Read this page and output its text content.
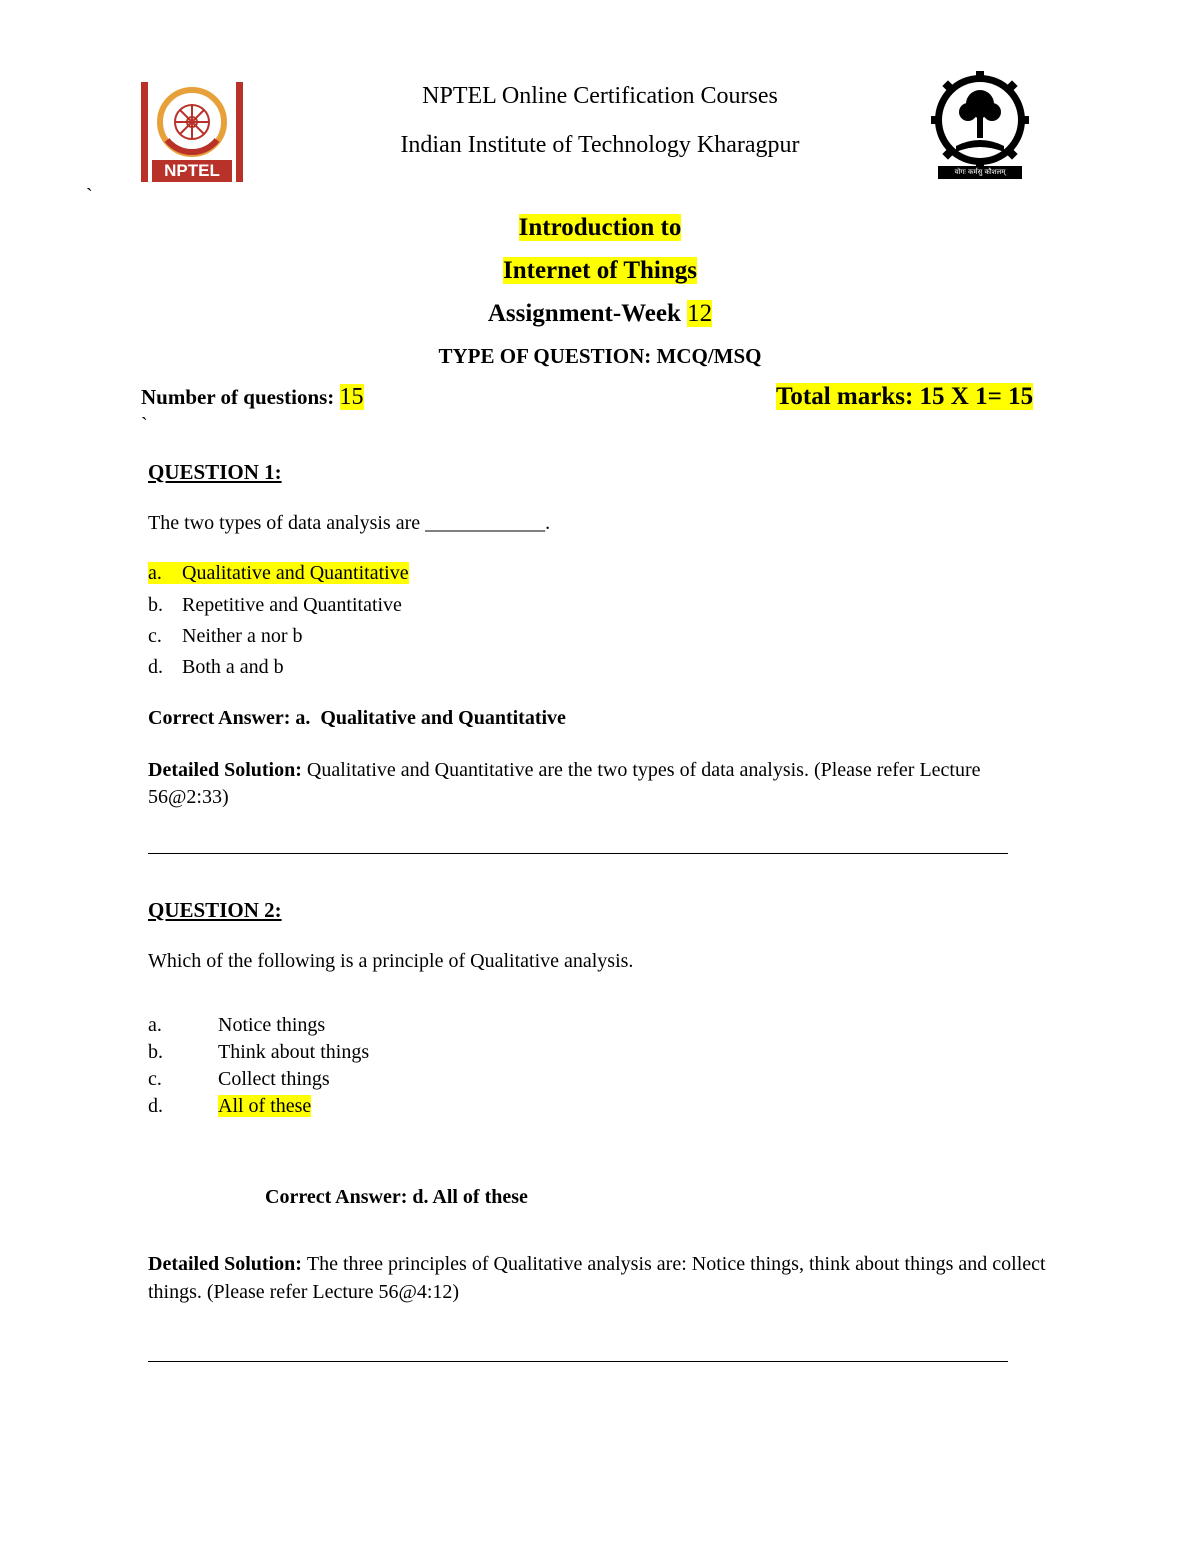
NPTEL
NPTEL Online Certification Courses
Indian Institute of Technology Kharagpur
योगः कर्मसु कौशलम्
`
Introduction to
Internet of Things
Assignment-Week 12
TYPE OF QUESTION: MCQ/MSQ
Number of questions: 15	Total marks: 15 X 1= 15
`
QUESTION 1:
The two types of data analysis are ____________.
a. Qualitative and Quantitative
b. Repetitive and Quantitative
c. Neither a nor b
d. Both a and b
Correct Answer: a.  Qualitative and Quantitative
Detailed Solution: Qualitative and Quantitative are the two types of data analysis. (Please refer Lecture 56@2:33)
QUESTION 2:
Which of the following is a principle of Qualitative analysis.
a.	Notice things
b.	Think about things
c.	Collect things
d.	All of these
Correct Answer: d. All of these
Detailed Solution: The three principles of Qualitative analysis are: Notice things, think about things and collect things. (Please refer Lecture 56@4:12)
